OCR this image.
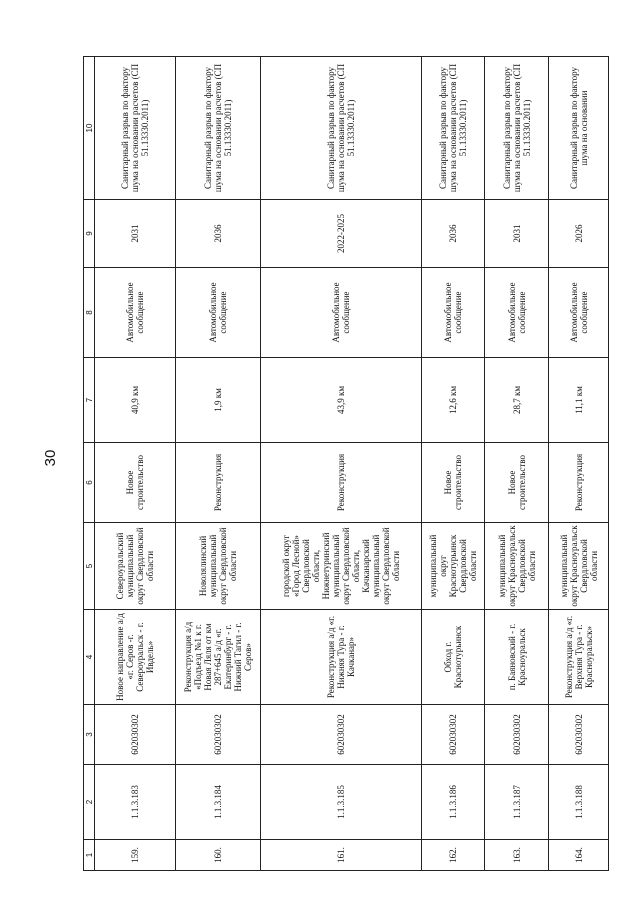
30
1	2	3	4	5	6	7	8	9	10
159.	1.1.3.183	602030302	Новое направление а/д «г. Серов -г. Североуральск - г. Ивдель»	Североуральский муниципальный округ Свердловской области	Новое строительство	40,9 км	Автомобильное сообщение	2031	Санитарный разрыв по фактору шума на основании расчетов (СП 51.13330.2011)
160.	1.1.3.184	602030302	Реконструкция а/д «Подъезд №1 к г. Новая Ляля от км 287+645 а/д «г. Екатеринбург - г. Нижний Тагил - г. Серов»	Новолялинский муниципальный округ Свердловской области	Реконструкция	1,9 км	Автомобильное сообщение	2036	Санитарный разрыв по фактору шума на основании расчетов (СП 51.13330.2011)
161.	1.1.3.185	602030302	Реконструкция а/д «г. Нижняя Тура - г. Качканар»	городской округ «Город Лесной» Свердловской области, Нижнетуринский муниципальный округ Свердловской области, Качканарский муниципальный округ Свердловской области	Реконструкция	43,9 км	Автомобильное сообщение	2022-2025	Санитарный разрыв по фактору шума на основании расчетов (СП 51.13330.2011)
162.	1.1.3.186	602030302	Обход г. Краснотурьинск	муниципальный округ Краснотурьинск Свердловской области	Новое строительство	12,6 км	Автомобильное сообщение	2036	Санитарный разрыв по фактору шума на основании расчетов (СП 51.13330.2011)
163.	1.1.3.187	602030302	п. Баяновский - г. Красноуральск	муниципальный округ Красноуральск Свердловской области	Новое строительство	28,7 км	Автомобильное сообщение	2031	Санитарный разрыв по фактору шума на основании расчетов (СП 51.13330.2011)
164.	1.1.3.188	602030302	Реконструкция а/д «г. Верхняя Тура - г. Красноуральск»	муниципальный округ Красноуральск Свердловской области	Реконструкция	11,1 км	Автомобильное сообщение	2026	Санитарный разрыв по фактору шума на основании
